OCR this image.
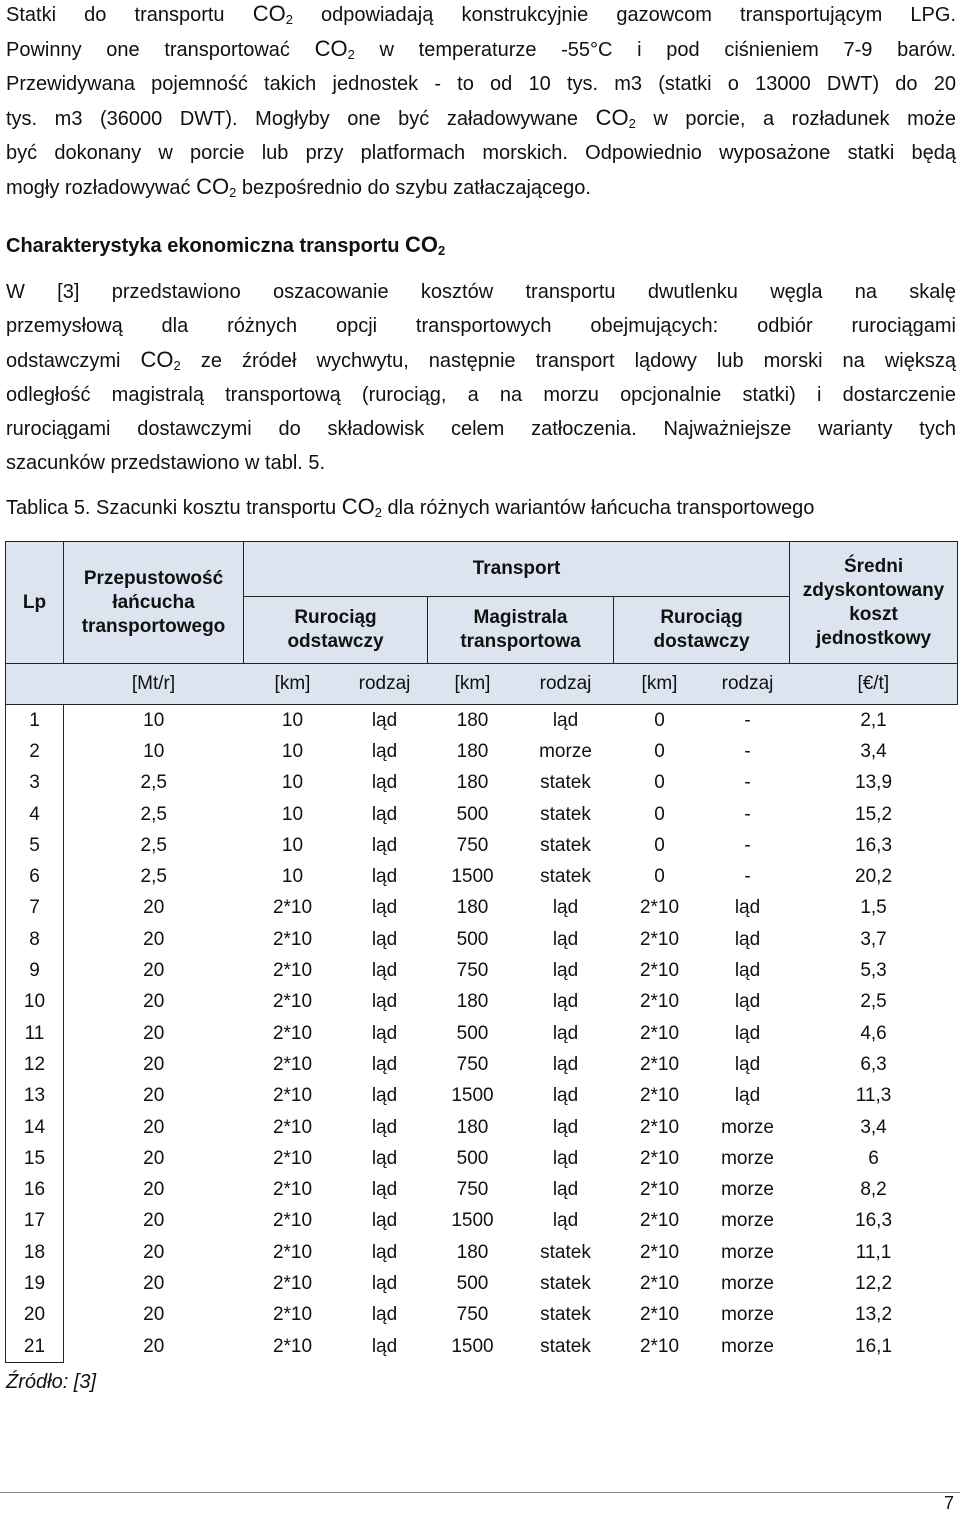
Statki do transportu $CO_2$ odpowiadają konstrukcyjnie gazowcom transportującym LPG.
Powinny one transportować $CO_2$ w temperaturze -55°C i pod ciśnieniem 7-9 barów.
Przewidywana pojemność takich jednostek - to od 10 tys. m3 (statki o 13000 DWT) do 20
tys. m3 (36000 DWT). Mogłyby one być załadowywane $CO_2$ w porcie, a rozładunek może
być dokonany w porcie lub przy platformach morskich. Odpowiednio wyposażone statki będą
mogły rozładowywać $CO_2$ bezpośrednio do szybu zatłaczającego.
Charakterystyka ekonomiczna transportu $CO_2$
W [3] przedstawiono oszacowanie kosztów transportu dwutlenku węgla na skalę
przemysłową dla różnych opcji transportowych obejmujących: odbiór rurociągami
odstawczymi $CO_2$ ze źródeł wychwytu, następnie transport lądowy lub morski na większą
odległość magistralą transportową (rurociąg, a na morzu opcjonalnie statki) i dostarczenie
rurociągami dostawczymi do składowisk celem zatłoczenia. Najważniejsze warianty tych
szacunków przedstawiono w tabl. 5.

Tablica 5. Szacunki kosztu transportu $CO_2$ dla różnych wariantów łańcucha transportowego

Lp	Przepustowość łańcucha transportowego	Transport						Średni zdyskontowany koszt jednostkowy
		Rurociąg odstawczy		Magistrala transportowa		Rurociąg dostawczy		
	[Mt/r]	[km]	rodzaj	[km]	rodzaj	[km]	rodzaj	[€/t]
1	10	10	ląd	180	ląd	0	-	2,1
2	10	10	ląd	180	morze	0	-	3,4
3	2,5	10	ląd	180	statek	0	-	13,9
4	2,5	10	ląd	500	statek	0	-	15,2
5	2,5	10	ląd	750	statek	0	-	16,3
6	2,5	10	ląd	1500	statek	0	-	20,2
7	20	2*10	ląd	180	ląd	2*10	ląd	1,5
8	20	2*10	ląd	500	ląd	2*10	ląd	3,7
9	20	2*10	ląd	750	ląd	2*10	ląd	5,3
10	20	2*10	ląd	180	ląd	2*10	ląd	2,5
11	20	2*10	ląd	500	ląd	2*10	ląd	4,6
12	20	2*10	ląd	750	ląd	2*10	ląd	6,3
13	20	2*10	ląd	1500	ląd	2*10	ląd	11,3
14	20	2*10	ląd	180	ląd	2*10	morze	3,4
15	20	2*10	ląd	500	ląd	2*10	morze	6
16	20	2*10	ląd	750	ląd	2*10	morze	8,2
17	20	2*10	ląd	1500	ląd	2*10	morze	16,3
18	20	2*10	ląd	180	statek	2*10	morze	11,1
19	20	2*10	ląd	500	statek	2*10	morze	12,2
20	20	2*10	ląd	750	statek	2*10	morze	13,2
21	20	2*10	ląd	1500	statek	2*10	morze	16,1
Źródło: [3]
7
